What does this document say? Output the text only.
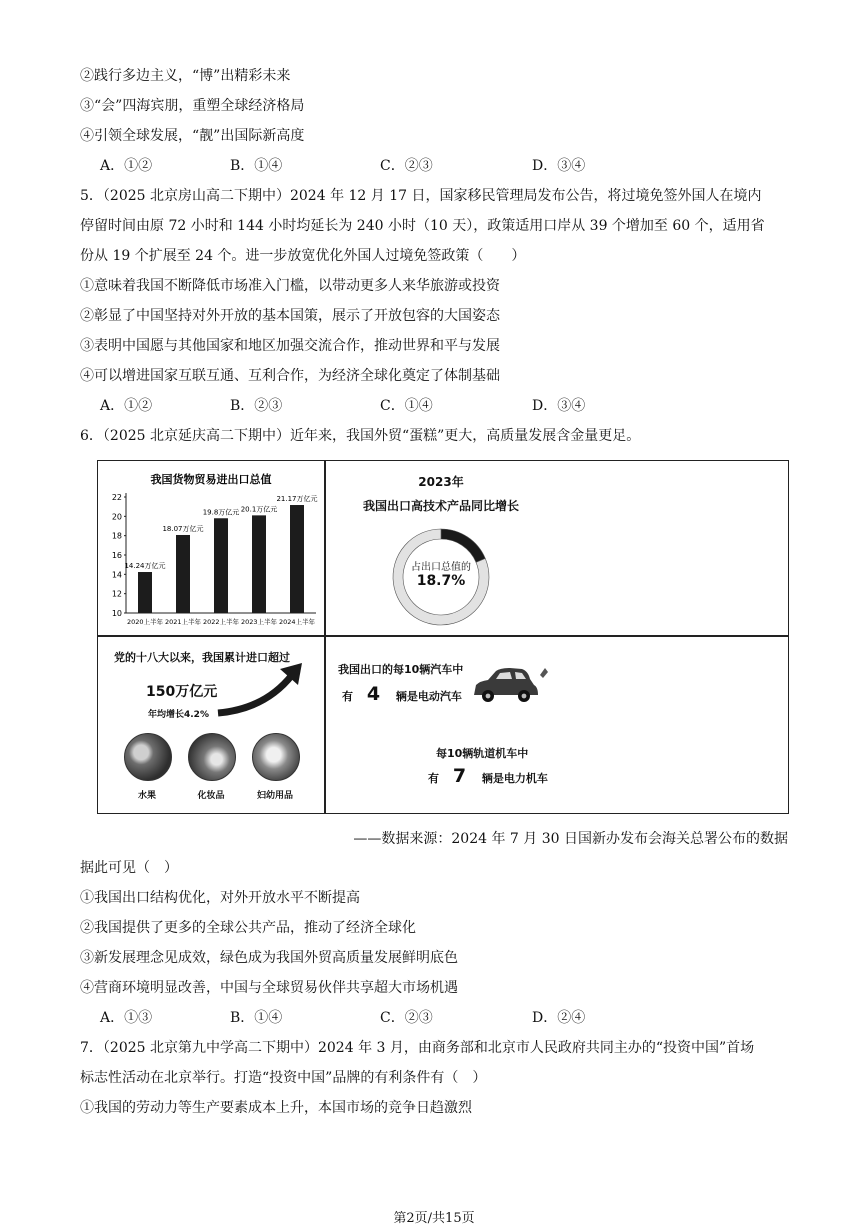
②践行多边主义，“博”出精彩未来
③“会”四海宾朋，重塑全球经济格局
④引领全球发展，“靓”出国际新高度
A．①②	B．①④	C．②③	D．③④
5．（2025 北京房山高二下期中）2024 年 12 月 17 日，国家移民管理局发布公告，将过境免签外国人在境内
停留时间由原 72 小时和 144 小时均延长为 240 小时（10 天），政策适用口岸从 39 个增加至 60 个，适用省
份从 19 个扩展至 24 个。进一步放宽优化外国人过境免签政策（　　）
①意味着我国不断降低市场准入门槛，以带动更多人来华旅游或投资
②彰显了中国坚持对外开放的基本国策，展示了开放包容的大国姿态
③表明中国愿与其他国家和地区加强交流合作，推动世界和平与发展
④可以增进国家互联互通、互利合作，为经济全球化奠定了体制基础
A．①②	B．②③	C．①④	D．③④
6．（2025 北京延庆高二下期中）近年来，我国外贸“蛋糕”更大，高质量发展含金量更足。
我国货物贸易进出口总值
22
20
18
16
14
12
10
14.24万亿元
2020上半年
18.07万亿元
2021上半年
19.8万亿元
2022上半年
20.1万亿元
2023上半年
21.17万亿元
2024上半年
2023年
我国出口高技术产品同比增长
占出口总值的
18.7%
党的十八大以来，我国累计进口超过
150万亿元
年均增长4.2%
水果	化妆品	妇幼用品
我国出口的每10辆汽车中
有 4 辆是电动汽车
每10辆轨道机车中
有 7 辆是电力机车
——数据来源：2024 年 7 月 30 日国新办发布会海关总署公布的数据
据此可见（　）
①我国出口结构优化，对外开放水平不断提高
②我国提供了更多的全球公共产品，推动了经济全球化
③新发展理念见成效，绿色成为我国外贸高质量发展鲜明底色
④营商环境明显改善，中国与全球贸易伙伴共享超大市场机遇
A．①③	B．①④	C．②③	D．②④
7．（2025 北京第九中学高二下期中）2024 年 3 月，由商务部和北京市人民政府共同主办的“投资中国”首场
标志性活动在北京举行。打造“投资中国”品牌的有利条件有（　）
①我国的劳动力等生产要素成本上升，本国市场的竞争日趋激烈
第2页/共15页
